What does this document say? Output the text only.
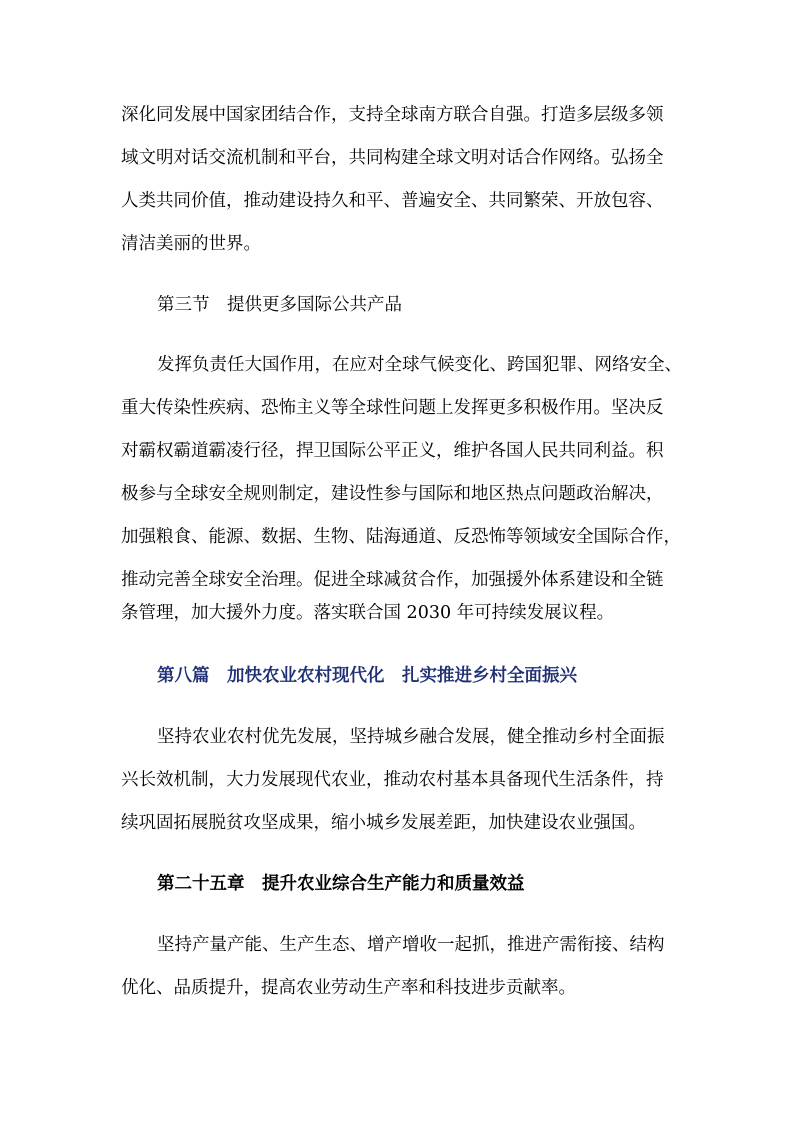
深化同发展中国家团结合作，支持全球南方联合自强。打造多层级多领
域文明对话交流机制和平台，共同构建全球文明对话合作网络。弘扬全
人类共同价值，推动建设持久和平、普遍安全、共同繁荣、开放包容、
清洁美丽的世界。
第三节　提供更多国际公共产品
发挥负责任大国作用，在应对全球气候变化、跨国犯罪、网络安全、
重大传染性疾病、恐怖主义等全球性问题上发挥更多积极作用。坚决反
对霸权霸道霸凌行径，捍卫国际公平正义，维护各国人民共同利益。积
极参与全球安全规则制定，建设性参与国际和地区热点问题政治解决，
加强粮食、能源、数据、生物、陆海通道、反恐怖等领域安全国际合作，
推动完善全球安全治理。促进全球减贫合作，加强援外体系建设和全链
条管理，加大援外力度。落实联合国 2030 年可持续发展议程。
第八篇　加快农业农村现代化　扎实推进乡村全面振兴
坚持农业农村优先发展，坚持城乡融合发展，健全推动乡村全面振
兴长效机制，大力发展现代农业，推动农村基本具备现代生活条件，持
续巩固拓展脱贫攻坚成果，缩小城乡发展差距，加快建设农业强国。
第二十五章　提升农业综合生产能力和质量效益
坚持产量产能、生产生态、增产增收一起抓，推进产需衔接、结构
优化、品质提升，提高农业劳动生产率和科技进步贡献率。
